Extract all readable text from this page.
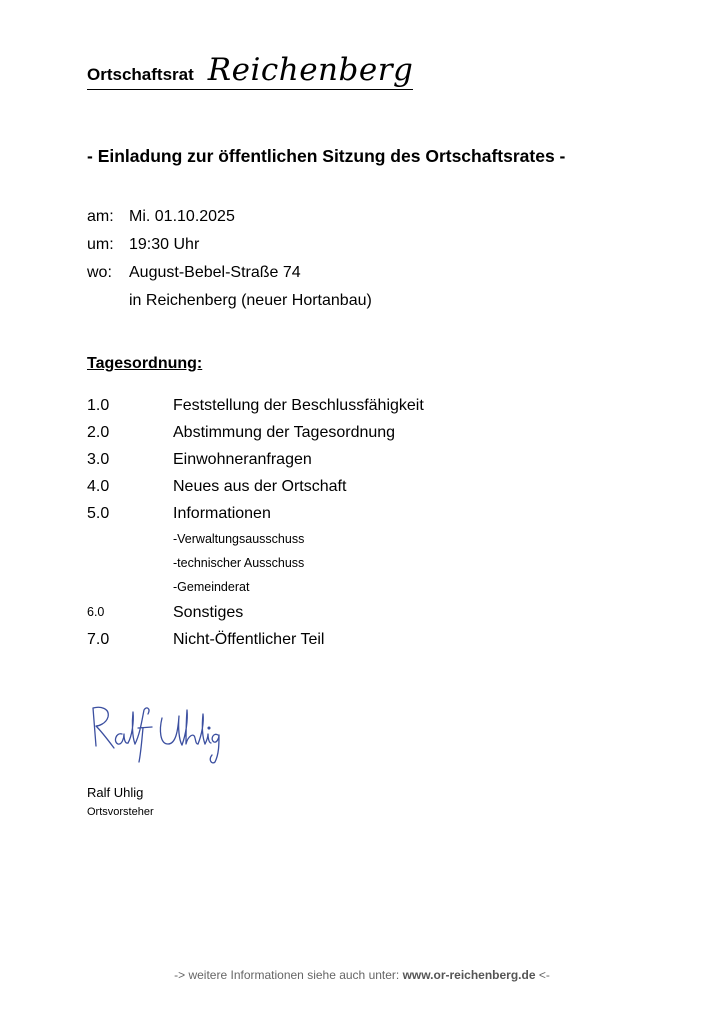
Ortschaftsrat Reichenberg
- Einladung zur öffentlichen Sitzung des Ortschaftsrates -
am: Mi. 01.10.2025
um: 19:30 Uhr
wo:	August-Bebel-Straße 74
in Reichenberg (neuer Hortanbau)
Tagesordnung:
1.0	Feststellung der Beschlussfähigkeit
2.0	Abstimmung der Tagesordnung
3.0	Einwohneranfragen
4.0	Neues aus der Ortschaft
5.0	Informationen
-Verwaltungsausschuss
-technischer Ausschuss
-Gemeinderat
6.0	Sonstiges
7.0	Nicht-Öffentlicher Teil
Ralf Uhlig
Ortsvorsteher
-> weitere Informationen siehe auch unter: www.or-reichenberg.de <-
